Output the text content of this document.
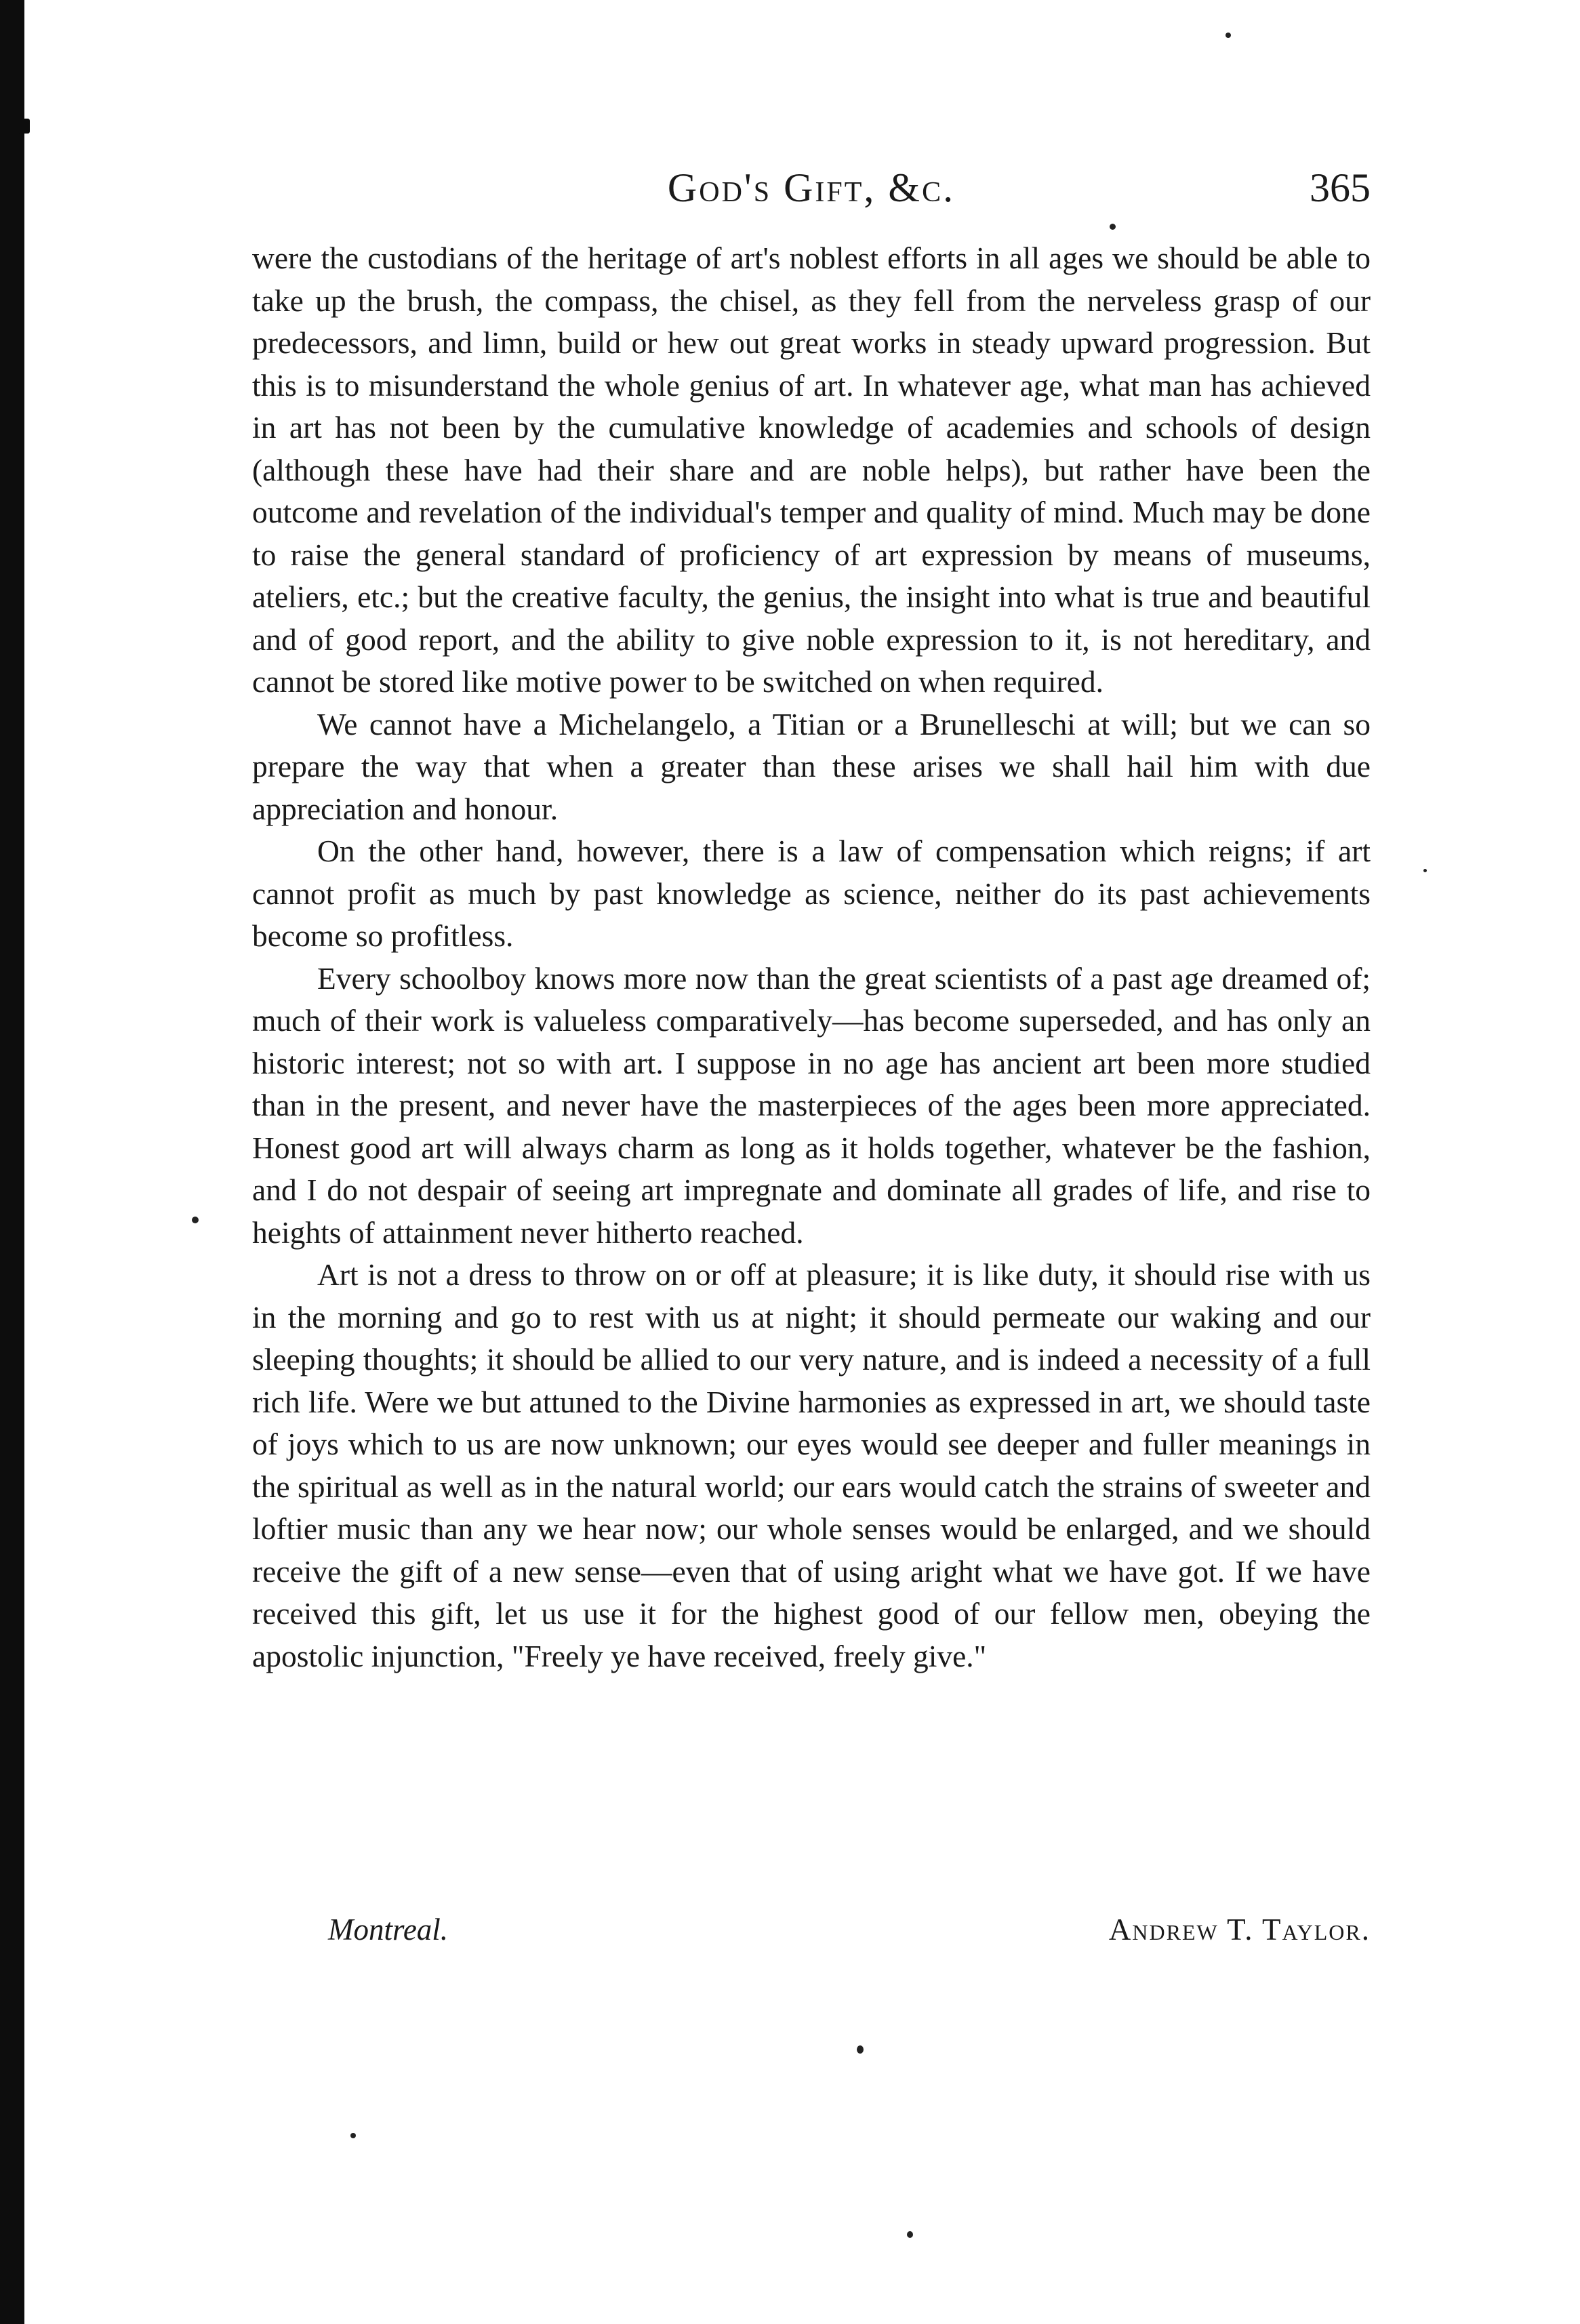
God's Gift, &c.	365

were the custodians of the heritage of art's noblest efforts in all ages we should be able to take up the brush, the compass, the chisel, as they fell from the nerveless grasp of our predecessors, and limn, build or hew out great works in steady upward progression. But this is to misunderstand the whole genius of art. In whatever age, what man has achieved in art has not been by the cumulative knowledge of academies and schools of design (although these have had their share and are noble helps), but rather have been the outcome and revelation of the individual's temper and quality of mind. Much may be done to raise the general standard of proficiency of art expression by means of museums, ateliers, etc.; but the creative faculty, the genius, the insight into what is true and beautiful and of good report, and the ability to give noble expression to it, is not hereditary, and cannot be stored like motive power to be switched on when required.

We cannot have a Michelangelo, a Titian or a Brunelleschi at will; but we can so prepare the way that when a greater than these arises we shall hail him with due appreciation and honour.

On the other hand, however, there is a law of compensation which reigns; if art cannot profit as much by past knowledge as science, neither do its past achievements become so profitless.

Every schoolboy knows more now than the great scientists of a past age dreamed of; much of their work is valueless comparatively—has become superseded, and has only an historic interest; not so with art. I suppose in no age has ancient art been more studied than in the present, and never have the masterpieces of the ages been more appreciated. Honest good art will always charm as long as it holds together, whatever be the fashion, and I do not despair of seeing art impregnate and dominate all grades of life, and rise to heights of attainment never hitherto reached.

Art is not a dress to throw on or off at pleasure; it is like duty, it should rise with us in the morning and go to rest with us at night; it should permeate our waking and our sleeping thoughts; it should be allied to our very nature, and is indeed a necessity of a full rich life. Were we but attuned to the Divine harmonies as expressed in art, we should taste of joys which to us are now unknown; our eyes would see deeper and fuller meanings in the spiritual as well as in the natural world; our ears would catch the strains of sweeter and loftier music than any we hear now; our whole senses would be enlarged, and we should receive the gift of a new sense—even that of using aright what we have got. If we have received this gift, let us use it for the highest good of our fellow men, obeying the apostolic injunction, "Freely ye have received, freely give."

Montreal.	Andrew T. Taylor.
